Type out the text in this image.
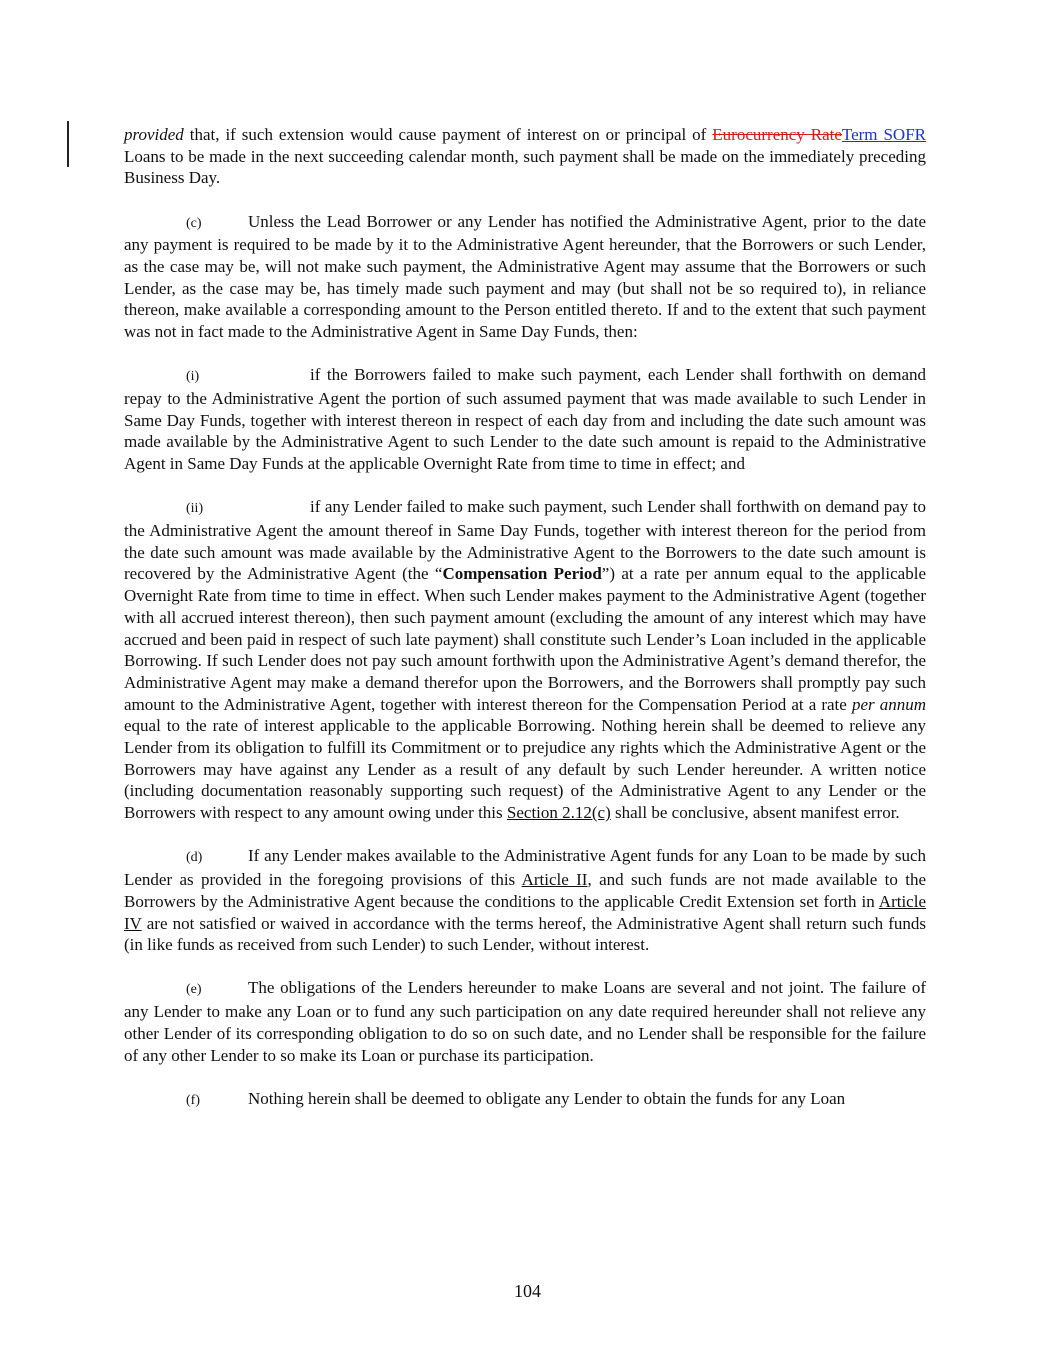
provided that, if such extension would cause payment of interest on or principal of Eurocurrency RateTerm SOFR Loans to be made in the next succeeding calendar month, such payment shall be made on the immediately preceding Business Day.

(c)	Unless the Lead Borrower or any Lender has notified the Administrative Agent, prior to the date any payment is required to be made by it to the Administrative Agent hereunder, that the Borrowers or such Lender, as the case may be, will not make such payment, the Administrative Agent may assume that the Borrowers or such Lender, as the case may be, has timely made such payment and may (but shall not be so required to), in reliance thereon, make available a corresponding amount to the Person entitled thereto. If and to the extent that such payment was not in fact made to the Administrative Agent in Same Day Funds, then:

(i)	if the Borrowers failed to make such payment, each Lender shall forthwith on demand repay to the Administrative Agent the portion of such assumed payment that was made available to such Lender in Same Day Funds, together with interest thereon in respect of each day from and including the date such amount was made available by the Administrative Agent to such Lender to the date such amount is repaid to the Administrative Agent in Same Day Funds at the applicable Overnight Rate from time to time in effect; and

(ii)	if any Lender failed to make such payment, such Lender shall forthwith on demand pay to the Administrative Agent the amount thereof in Same Day Funds, together with interest thereon for the period from the date such amount was made available by the Administrative Agent to the Borrowers to the date such amount is recovered by the Administrative Agent (the “Compensation Period”) at a rate per annum equal to the applicable Overnight Rate from time to time in effect. When such Lender makes payment to the Administrative Agent (together with all accrued interest thereon), then such payment amount (excluding the amount of any interest which may have accrued and been paid in respect of such late payment) shall constitute such Lender’s Loan included in the applicable Borrowing. If such Lender does not pay such amount forthwith upon the Administrative Agent’s demand therefor, the Administrative Agent may make a demand therefor upon the Borrowers, and the Borrowers shall promptly pay such amount to the Administrative Agent, together with interest thereon for the Compensation Period at a rate per annum equal to the rate of interest applicable to the applicable Borrowing. Nothing herein shall be deemed to relieve any Lender from its obligation to fulfill its Commitment or to prejudice any rights which the Administrative Agent or the Borrowers may have against any Lender as a result of any default by such Lender hereunder. A written notice (including documentation reasonably supporting such request) of the Administrative Agent to any Lender or the Borrowers with respect to any amount owing under this Section 2.12(c) shall be conclusive, absent manifest error.

(d)	If any Lender makes available to the Administrative Agent funds for any Loan to be made by such Lender as provided in the foregoing provisions of this Article II, and such funds are not made available to the Borrowers by the Administrative Agent because the conditions to the applicable Credit Extension set forth in Article IV are not satisfied or waived in accordance with the terms hereof, the Administrative Agent shall return such funds (in like funds as received from such Lender) to such Lender, without interest.

(e)	The obligations of the Lenders hereunder to make Loans are several and not joint. The failure of any Lender to make any Loan or to fund any such participation on any date required hereunder shall not relieve any other Lender of its corresponding obligation to do so on such date, and no Lender shall be responsible for the failure of any other Lender to so make its Loan or purchase its participation.

(f)	Nothing herein shall be deemed to obligate any Lender to obtain the funds for any Loan

104
